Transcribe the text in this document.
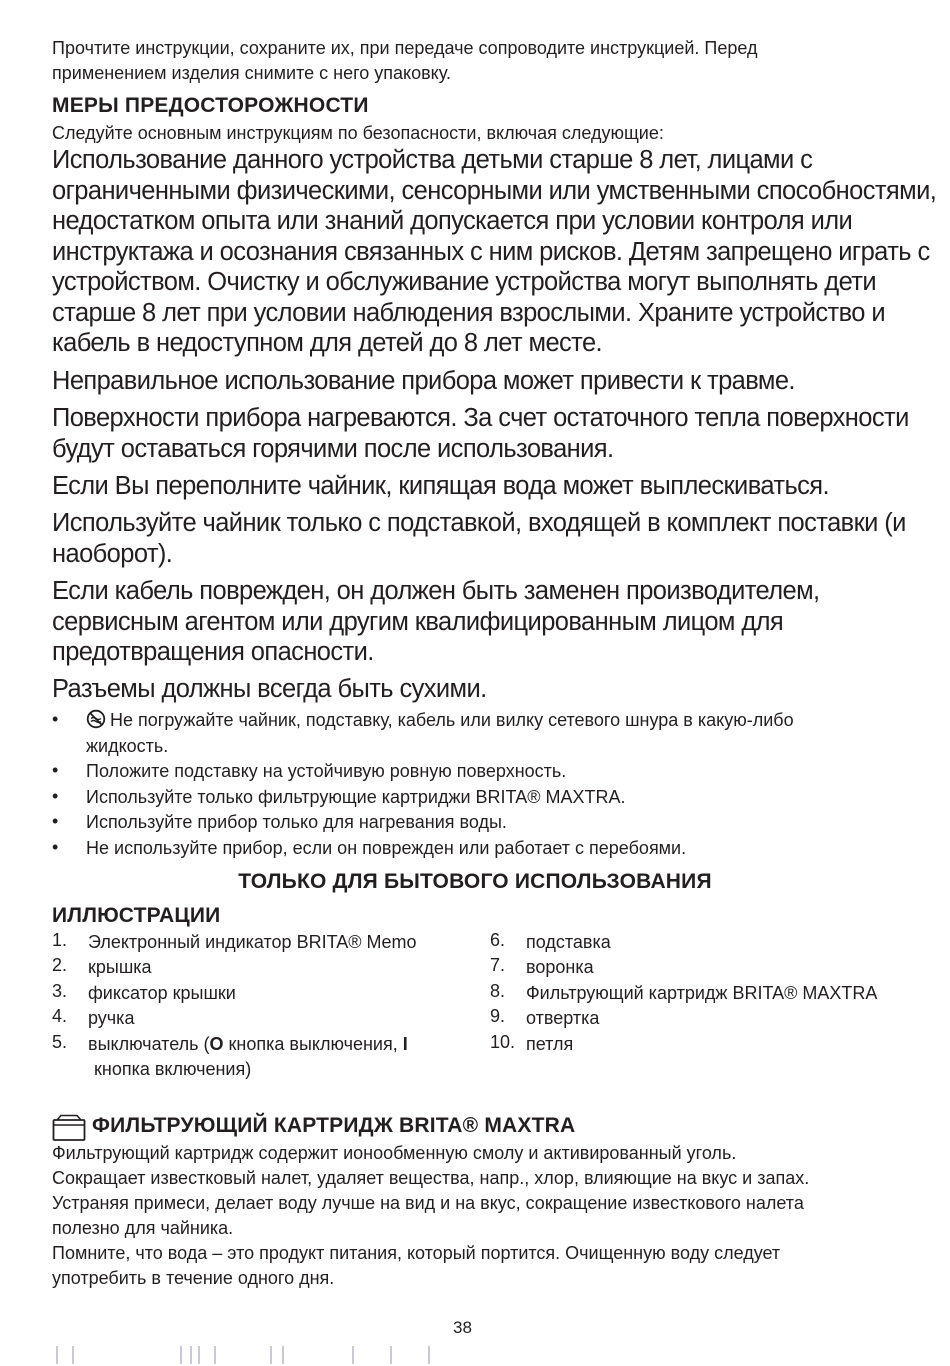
Прочтите инструкции, сохраните их, при передаче сопроводите инструкцией. Перед
применением изделия снимите с него упаковку.
МЕРЫ ПРЕДОСТОРОЖНОСТИ
Следуйте основным инструкциям по безопасности, включая следующие:
Использование данного устройства детьми старше 8 лет, лицами с
ограниченными физическими, сенсорными или умственными способностями,
недостатком опыта или знаний допускается при условии контроля или
инструктажа и осознания связанных с ним рисков. Детям запрещено играть с
устройством. Очистку и обслуживание устройства могут выполнять дети
старше 8 лет при условии наблюдения взрослыми. Храните устройство и
кабель в недоступном для детей до 8 лет месте.
Неправильное использование прибора может привести к травме.
Поверхности прибора нагреваются. За счет остаточного тепла поверхности
будут оставаться горячими после использования.
Если Вы переполните чайник, кипящая вода может выплескиваться.
Используйте чайник только с подставкой, входящей в комплект поставки (и
наоборот).
Если кабель поврежден, он должен быть заменен производителем,
сервисным агентом или другим квалифицированным лицом для
предотвращения опасности.
Разъемы должны всегда быть сухими.
•	Не погружайте чайник, подставку, кабель или вилку сетевого шнура в какую-либо
жидкость.
• Положите подставку на устойчивую ровную поверхность.
• Используйте только фильтрующие картриджи BRITA® MAXTRA.
• Используйте прибор только для нагревания воды.
• Не используйте прибор, если он поврежден или работает с перебоями.
ТОЛЬКО ДЛЯ БЫТОВОГО ИСПОЛЬЗОВАНИЯ
ИЛЛЮСТРАЦИИ
1. Электронный индикатор BRITA® Memo
2. крышка
3. фиксатор крышки
4. ручка
5. выключатель (O кнопка выключения, I
кнопка включения)
6. подставка
7. воронка
8. Фильтрующий картридж BRITA® MAXTRA
9. отвертка
10. петля
ФИЛЬТРУЮЩИЙ КАРТРИДЖ BRITA® MAXTRA
Фильтрующий картридж содержит ионообменную смолу и активированный уголь.
Сокращает известковый налет, удаляет вещества, напр., хлор, влияющие на вкус и запах.
Устраняя примеси, делает воду лучше на вид и на вкус, сокращение известкового налета
полезно для чайника.
Помните, что вода – это продукт питания, который портится. Очищенную воду следует
употребить в течение одного дня.
38
